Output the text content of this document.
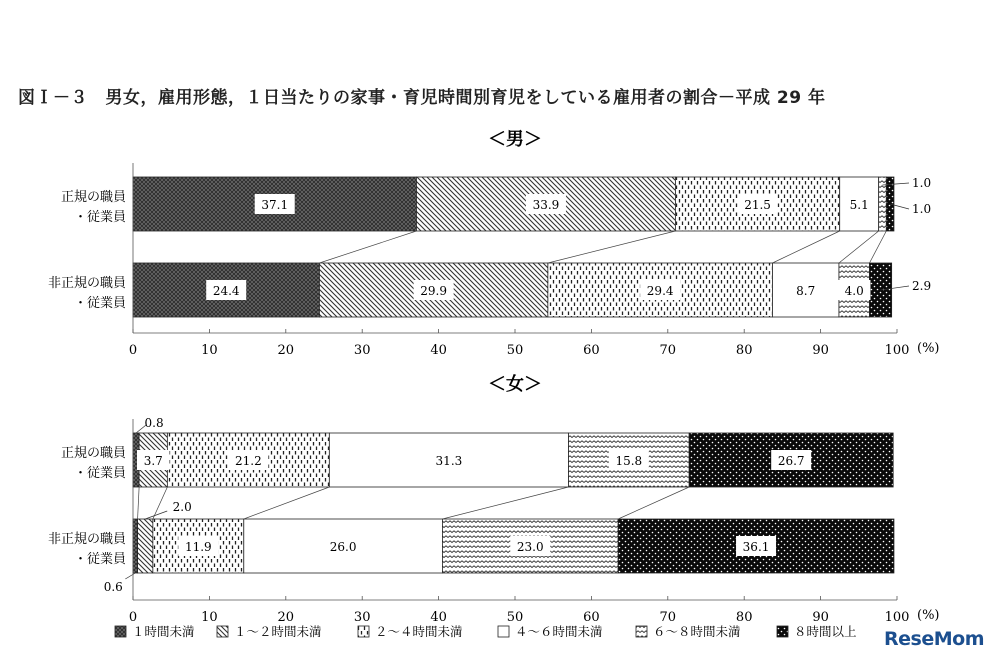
図Ｉ－３　男女，雇用形態，１日当たりの家事・育児時間別育児をしている雇用者の割合－平成 29 年
＜男＞
正規の職員
・従業員
非正規の職員
・従業員
37.1
24.4
33.9
29.9
21.5
29.4
5.1
8.7
1.0
4.0
1.0
2.9
0	10	20	30	40	50	60	70	80	90	100 (%)
＜女＞
正規の職員
・従業員
非正規の職員
・従業員
0.8
0.6
3.7
2.0
21.2
11.9
31.3
26.0
15.8
23.0
26.7
36.1
0	10	20	30	40	50	60	70	80	90	100 (%)
１時間未満	１～２時間未満	２～４時間未満	４～６時間未満	６～８時間未満	８時間以上 ReseMom
